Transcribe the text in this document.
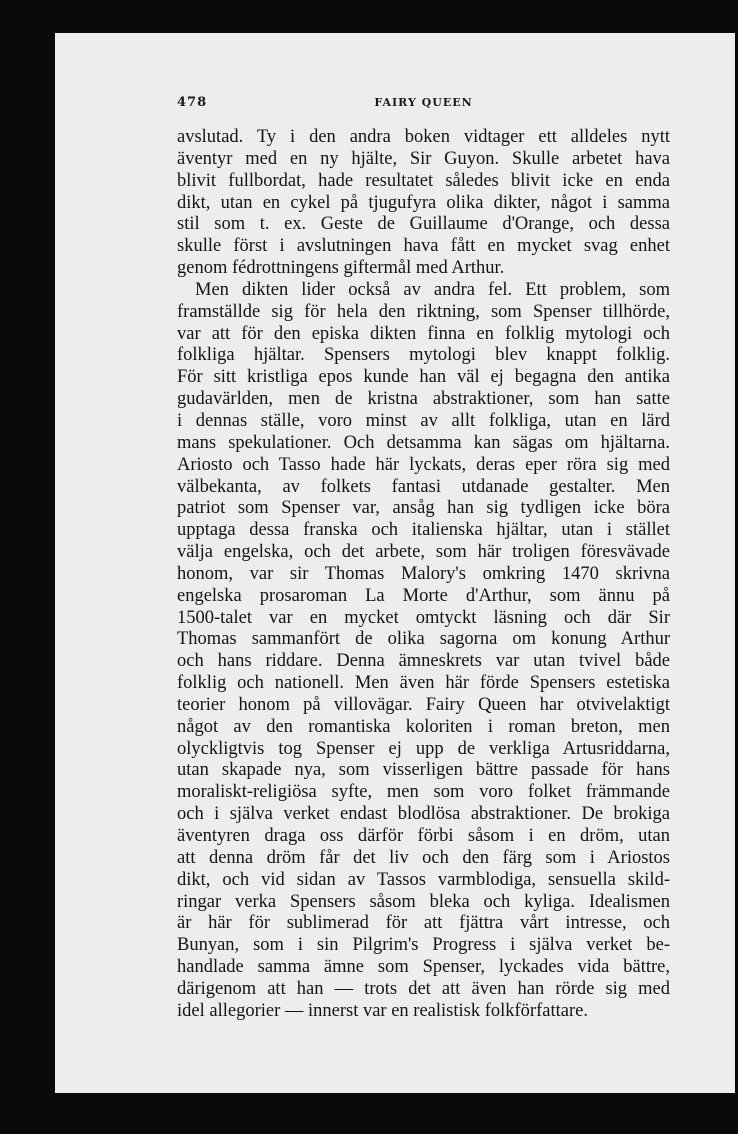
478	FAIRY QUEEN
avslutad. Ty i den andra boken vidtager ett alldeles nytt
äventyr med en ny hjälte, Sir Guyon. Skulle arbetet hava
blivit fullbordat, hade resultatet således blivit icke en enda
dikt, utan en cykel på tjugufyra olika dikter, något i samma
stil som t. ex. Geste de Guillaume d'Orange, och dessa
skulle först i avslutningen hava fått en mycket svag enhet
genom fédrottningens giftermål med Arthur.
Men dikten lider också av andra fel. Ett problem, som
framställde sig för hela den riktning, som Spenser tillhörde,
var att för den episka dikten finna en folklig mytologi och
folkliga hjältar. Spensers mytologi blev knappt folklig.
För sitt kristliga epos kunde han väl ej begagna den antika
gudavärlden, men de kristna abstraktioner, som han satte
i dennas ställe, voro minst av allt folkliga, utan en lärd
mans spekulationer. Och detsamma kan sägas om hjältarna.
Ariosto och Tasso hade här lyckats, deras eper röra sig med
välbekanta, av folkets fantasi utdanade gestalter. Men
patriot som Spenser var, ansåg han sig tydligen icke böra
upptaga dessa franska och italienska hjältar, utan i stället
välja engelska, och det arbete, som här troligen föresvävade
honom, var sir Thomas Malory's omkring 1470 skrivna
engelska prosaroman La Morte d'Arthur, som ännu på
1500-talet var en mycket omtyckt läsning och där Sir
Thomas sammanfört de olika sagorna om konung Arthur
och hans riddare. Denna ämneskrets var utan tvivel både
folklig och nationell. Men även här förde Spensers estetiska
teorier honom på villovägar. Fairy Queen har otvivelaktigt
något av den romantiska koloriten i roman breton, men
olyckligtvis tog Spenser ej upp de verkliga Artusriddarna,
utan skapade nya, som visserligen bättre passade för hans
moraliskt-religiösa syfte, men som voro folket främmande
och i själva verket endast blodlösa abstraktioner. De brokiga
äventyren draga oss därför förbi såsom i en dröm, utan
att denna dröm får det liv och den färg som i Ariostos
dikt, och vid sidan av Tassos varmblodiga, sensuella skild-
ringar verka Spensers såsom bleka och kyliga. Idealismen
är här för sublimerad för att fjättra vårt intresse, och
Bunyan, som i sin Pilgrim's Progress i själva verket be-
handlade samma ämne som Spenser, lyckades vida bättre,
därigenom att han — trots det att även han rörde sig med
idel allegorier — innerst var en realistisk folkförfattare.
